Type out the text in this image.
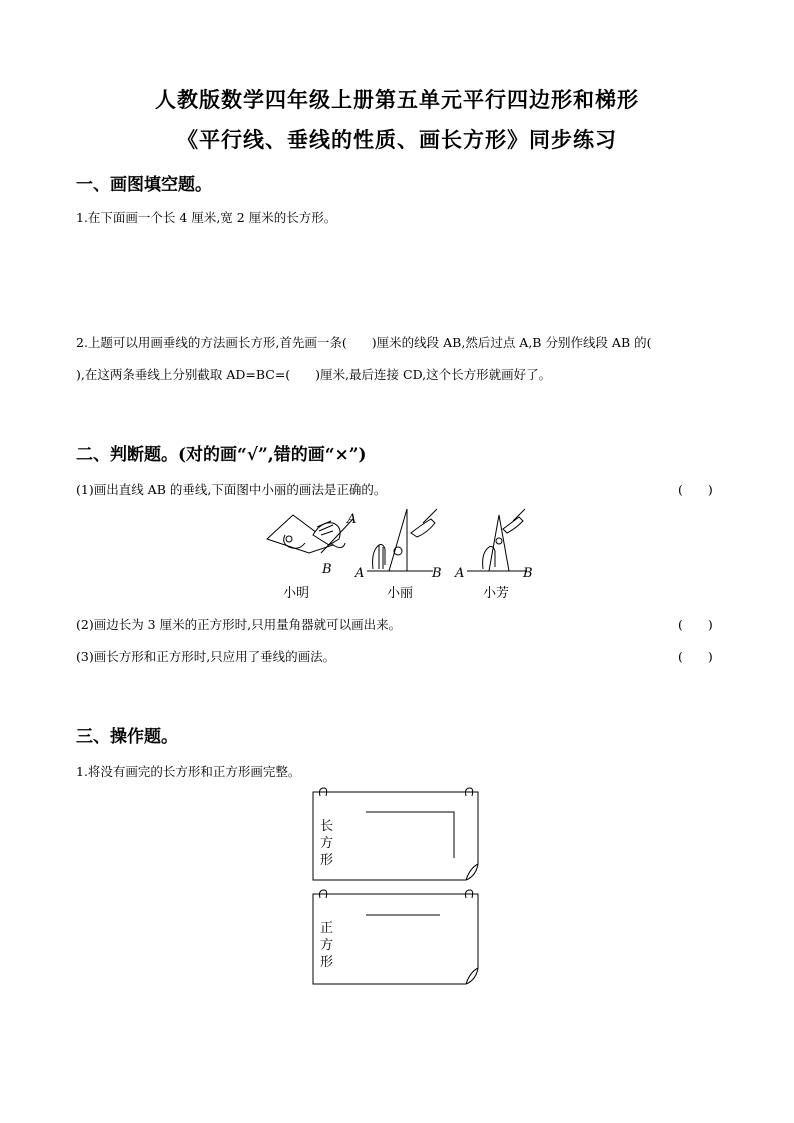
人教版数学四年级上册第五单元平行四边形和梯形
《平行线、垂线的性质、画长方形》同步练习
一、画图填空题。
1.在下面画一个长 4 厘米,宽 2 厘米的长方形。
2.上题可以用画垂线的方法画长方形,首先画一条(　　)厘米的线段 AB,然后过点 A,B 分别作线段 AB 的(
),在这两条垂线上分别截取 AD=BC=(　　)厘米,最后连接 CD,这个长方形就画好了。
二、判断题。(对的画“√”,错的画“×”)
(1)画出直线 AB 的垂线,下面图中小丽的画法是正确的。	(　　)
A
B A	B A	B
小明	小丽	小芳
(2)画边长为 3 厘米的正方形时,只用量角器就可以画出来。	(　　)
(3)画长方形和正方形时,只应用了垂线的画法。	(　　)
三、操作题。
1.将没有画完的长方形和正方形画完整。
长
方
形
正
方
形
